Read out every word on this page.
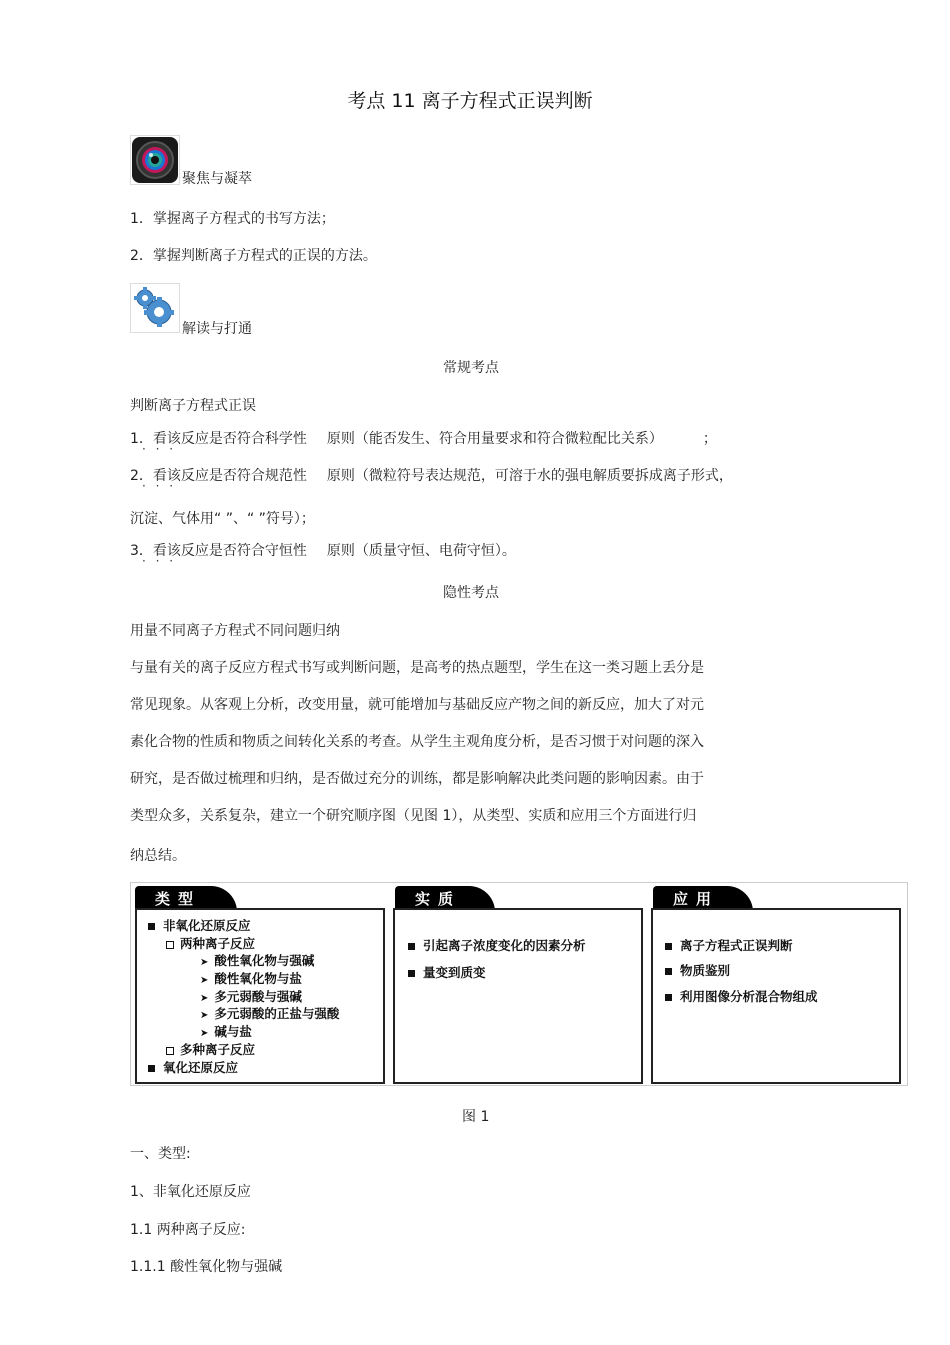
考点 11 离子方程式正误判断
聚焦与凝萃
1．掌握离子方程式的书写方法；
2．掌握判断离子方程式的正误的方法。
解读与打通
常规考点
判断离子方程式正误
1．看该反应是否符合科学性 · · · 原则（能否发生、符合用量要求和符合微粒配比关系）	；
2．看该反应是否符合规范性 · · · 原则（微粒符号表达规范，可溶于水的强电解质要拆成离子形式，
沉淀、气体用“ ”、“ ”符号）；
3．看该反应是否符合守恒性 · · · 原则（质量守恒、电荷守恒）。
隐性考点
用量不同离子方程式不同问题归纳
与量有关的离子反应方程式书写或判断问题，是高考的热点题型，学生在这一类习题上丢分是
常见现象。从客观上分析，改变用量，就可能增加与基础反应产物之间的新反应，加大了对元
素化合物的性质和物质之间转化关系的考查。从学生主观角度分析，是否习惯于对问题的深入
研究，是否做过梳理和归纳，是否做过充分的训练，都是影响解决此类问题的影响因素。由于
类型众多，关系复杂，建立一个研究顺序图（见图 1），从类型、实质和应用三个方面进行归
纳总结。
类型	实质	应用
非氧化还原反应
两种离子反应
➤ 酸性氧化物与强碱
➤ 酸性氧化物与盐
➤ 多元弱酸与强碱
➤ 多元弱酸的正盐与强酸
➤ 碱与盐
多种离子反应
氧化还原反应
引起离子浓度变化的因素分析
量变到质变
离子方程式正误判断
物质鉴别
利用图像分析混合物组成
图 1
一、类型:
1、非氧化还原反应
1.1 两种离子反应:
1.1.1 酸性氧化物与强碱
